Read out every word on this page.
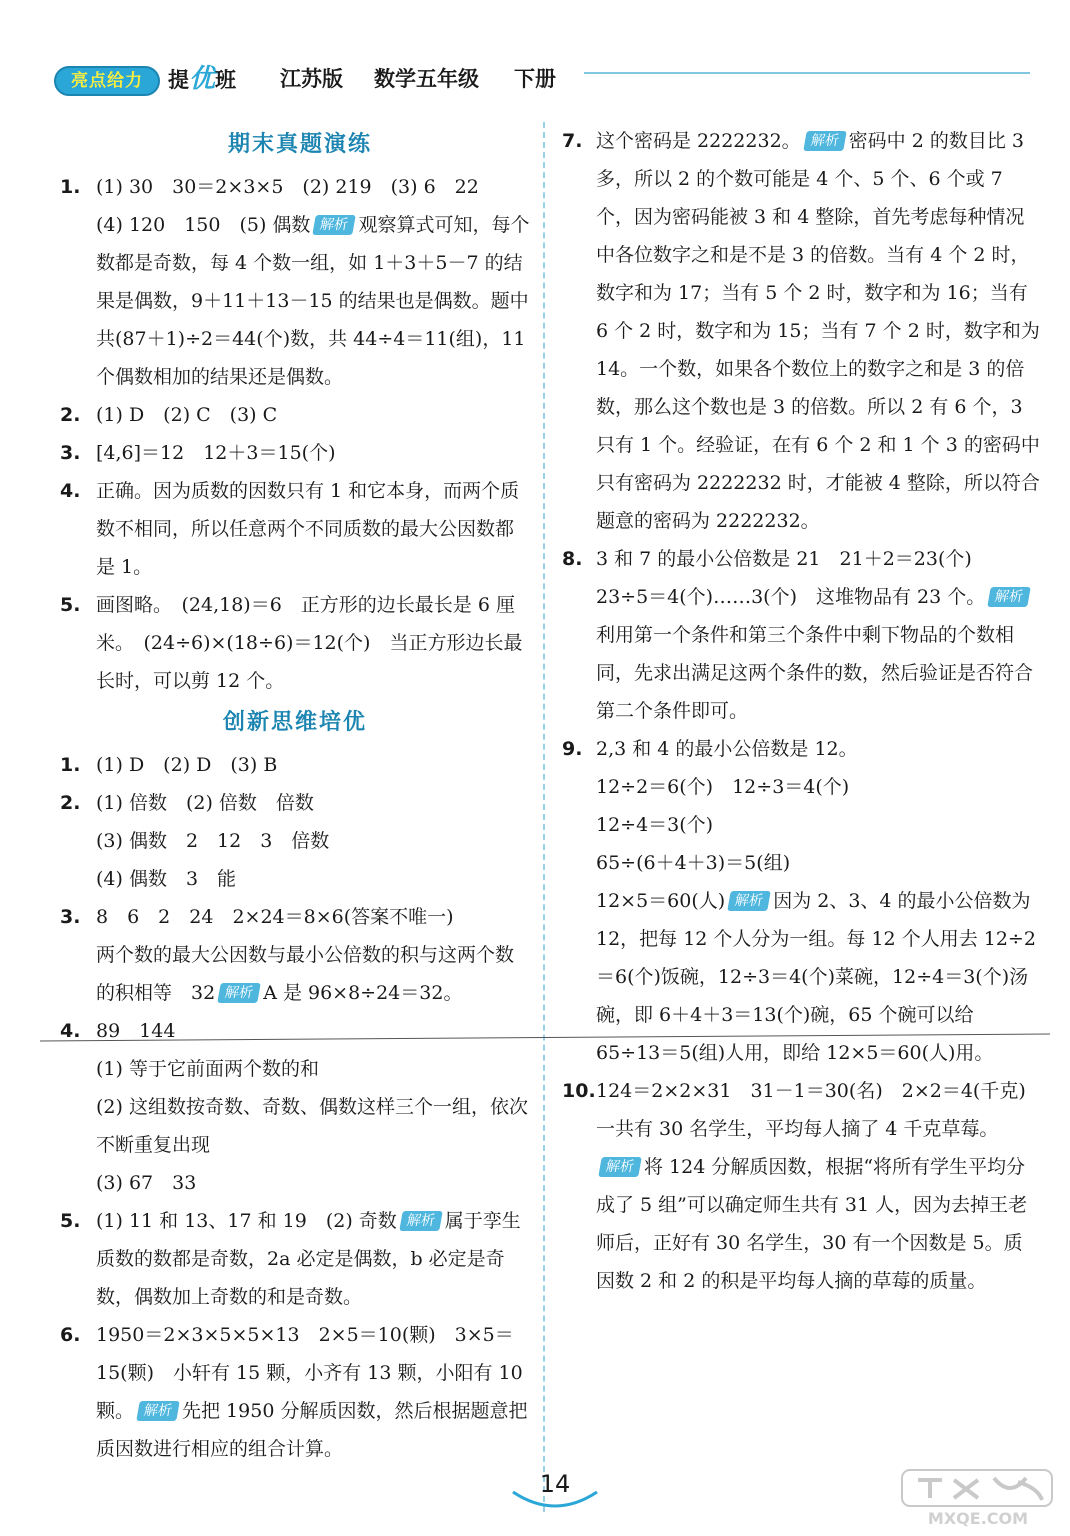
亮点给力	提优班 江苏版 数学五年级 下册
期末真题演练
1. (1) 30　30＝2×3×5　(2) 219　(3) 6　22
(4) 120　150　(5) 偶数 解析 观察算式可知，每个数都是奇数，每 4 个数一组，如 1＋3＋5－7 的结果是偶数，9＋11＋13－15 的结果也是偶数。题中共(87＋1)÷2＝44(个)数，共 44÷4＝11(组)，11 个偶数相加的结果还是偶数。
2. (1) D　(2) C　(3) C
3. [4,6]＝12　12＋3＝15(个)
4. 正确。因为质数的因数只有 1 和它本身，而两个质数不相同，所以任意两个不同质数的最大公因数都是 1。
5. 画图略。　(24,18)＝6　正方形的边长最长是 6 厘米。　(24÷6)×(18÷6)＝12(个)　当正方形边长最长时，可以剪 12 个。
创新思维培优
1. (1) D　(2) D　(3) B
2. (1) 倍数　(2) 倍数　倍数
(3) 偶数　2　12　3　倍数
(4) 偶数　3　能
3. 8　6　2　24　2×24＝8×6(答案不唯一)
两个数的最大公因数与最小公倍数的积与这两个数的积相等　32 解析 A 是 96×8÷24＝32。
4. 89　144
(1) 等于它前面两个数的和
(2) 这组数按奇数、奇数、偶数这样三个一组，依次不断重复出现
(3) 67　33
5. (1) 11 和 13、17 和 19　(2) 奇数 解析 属于孪生质数的数都是奇数，2a 必定是偶数，b 必定是奇数，偶数加上奇数的和是奇数。
6. 1950＝2×3×5×5×13　2×5＝10(颗)　3×5＝15(颗)　小轩有 15 颗，小齐有 13 颗，小阳有 10 颗。 解析 先把 1950 分解质因数，然后根据题意把质因数进行相应的组合计算。
7. 这个密码是 2222232。 解析 密码中 2 的数目比 3 多，所以 2 的个数可能是 4 个、5 个、6 个或 7 个，因为密码能被 3 和 4 整除，首先考虑每种情况中各位数字之和是不是 3 的倍数。当有 4 个 2 时，数字和为 17；当有 5 个 2 时，数字和为 16；当有 6 个 2 时，数字和为 15；当有 7 个 2 时，数字和为 14。一个数，如果各个数位上的数字之和是 3 的倍数，那么这个数也是 3 的倍数。所以 2 有 6 个，3 只有 1 个。经验证，在有 6 个 2 和 1 个 3 的密码中只有密码为 2222232 时，才能被 4 整除，所以符合题意的密码为 2222232。
8. 3 和 7 的最小公倍数是 21　21＋2＝23(个)
23÷5＝4(个)……3(个)　这堆物品有 23 个。 解析利用第一个条件和第三个条件中剩下物品的个数相同，先求出满足这两个条件的数，然后验证是否符合第二个条件即可。
9. 2,3 和 4 的最小公倍数是 12。
12÷2＝6(个)　12÷3＝4(个)
12÷4＝3(个)
65÷(6＋4＋3)＝5(组)
12×5＝60(人) 解析 因为 2、3、4 的最小公倍数为 12，把每 12 个人分为一组。每 12 个人用去 12÷2＝6(个)饭碗，12÷3＝4(个)菜碗，12÷4＝3(个)汤碗，即 6＋4＋3＝13(个)碗，65 个碗可以给 65÷13＝5(组)人用，即给 12×5＝60(人)用。
10. 124＝2×2×31　31－1＝30(名)　2×2＝4(千克)　一共有 30 名学生，平均每人摘了 4 千克草莓。解析 将 124 分解质因数，根据“将所有学生平均分成了 5 组”可以确定师生共有 31 人，因为去掉王老师后，正好有 30 名学生，30 有一个因数是 5。质因数 2 和 2 的积是平均每人摘的草莓的质量。
14
MXQE.COM
